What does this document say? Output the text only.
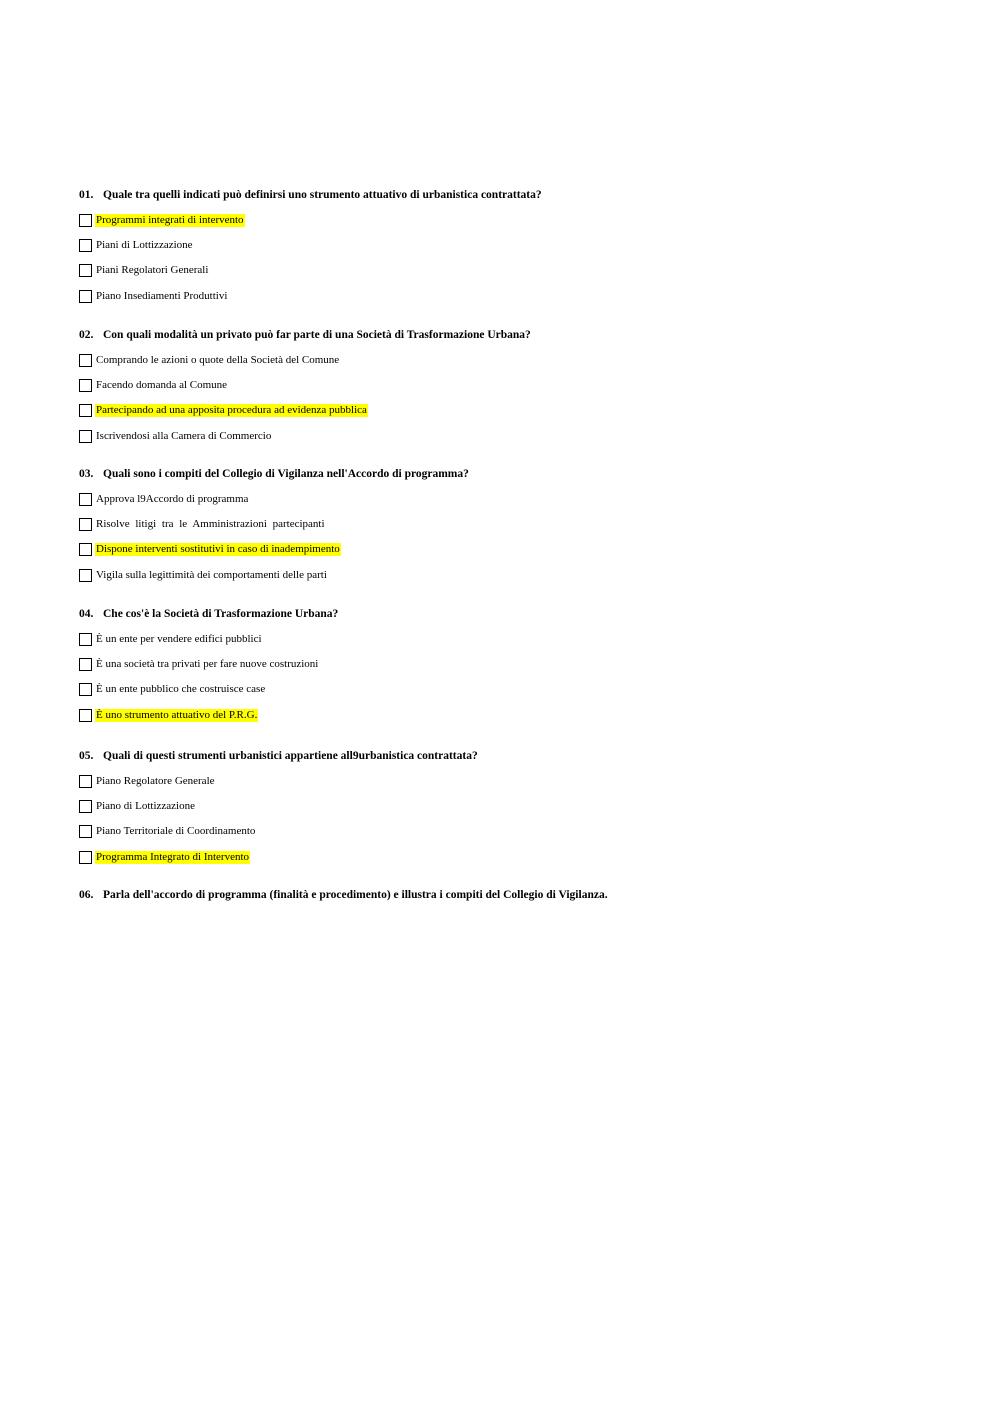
01. Quale tra quelli indicati può definirsi uno strumento attuativo di urbanistica contrattata?
Programmi integrati di intervento
Piani di Lottizzazione
Piani Regolatori Generali
Piano Insediamenti Produttivi
02. Con quali modalità un privato può far parte di una Società di Trasformazione Urbana?
Comprando le azioni o quote della Società del Comune
Facendo domanda al Comune
Partecipando ad una apposita procedura ad evidenza pubblica
Iscrivendosi alla Camera di Commercio
03. Quali sono i compiti del Collegio di Vigilanza nell'Accordo di programma?
Approva l9Accordo di programma
Risolve litigi tra le Amministrazioni partecipanti
Dispone interventi sostitutivi in caso di inadempimento
Vigila sulla legittimità dei comportamenti delle parti
04. Che cos'è la Società di Trasformazione Urbana?
È un ente per vendere edifici pubblici
È una società tra privati per fare nuove costruzioni
È un ente pubblico che costruisce case
È uno strumento attuativo del P.R.G.
05. Quali di questi strumenti urbanistici appartiene all9urbanistica contrattata?
Piano Regolatore Generale
Piano di Lottizzazione
Piano Territoriale di Coordinamento
Programma Integrato di Intervento
06. Parla dell'accordo di programma (finalità e procedimento) e illustra i compiti del Collegio di Vigilanza.
